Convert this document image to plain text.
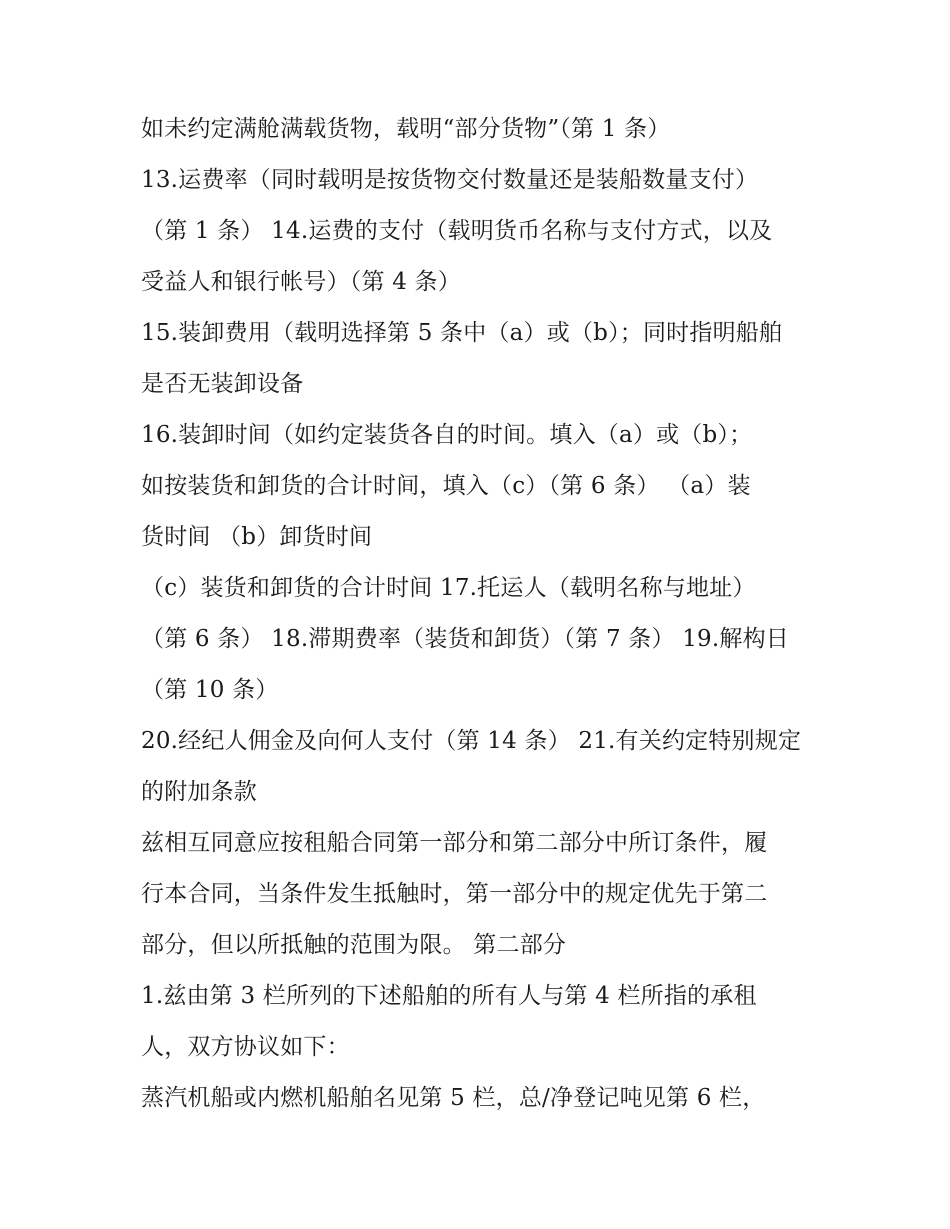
如未约定满舱满载货物，载明“部分货物”（第 1 条）
13.运费率（同时载明是按货物交付数量还是装船数量支付）
（第 1 条） 14.运费的支付（载明货币名称与支付方式，以及
受益人和银行帐号）（第 4 条）
15.装卸费用（载明选择第 5 条中（a）或（b）；同时指明船舶
是否无装卸设备
16.装卸时间（如约定装货各自的时间。填入（a）或（b）；
如按装货和卸货的合计时间，填入（c）（第 6 条） （a）装
货时间 （b）卸货时间
（c）装货和卸货的合计时间 17.托运人（载明名称与地址）
（第 6 条） 18.滞期费率（装货和卸货）（第 7 条） 19.解构日
（第 10 条）
20.经纪人佣金及向何人支付（第 14 条） 21.有关约定特别规定
的附加条款
兹相互同意应按租船合同第一部分和第二部分中所订条件，履
行本合同，当条件发生抵触时，第一部分中的规定优先于第二
部分，但以所抵触的范围为限。 第二部分
1.兹由第 3 栏所列的下述船舶的所有人与第 4 栏所指的承租
人，双方协议如下：
蒸汽机船或内燃机船舶名见第 5 栏，总/净登记吨见第 6 栏，
